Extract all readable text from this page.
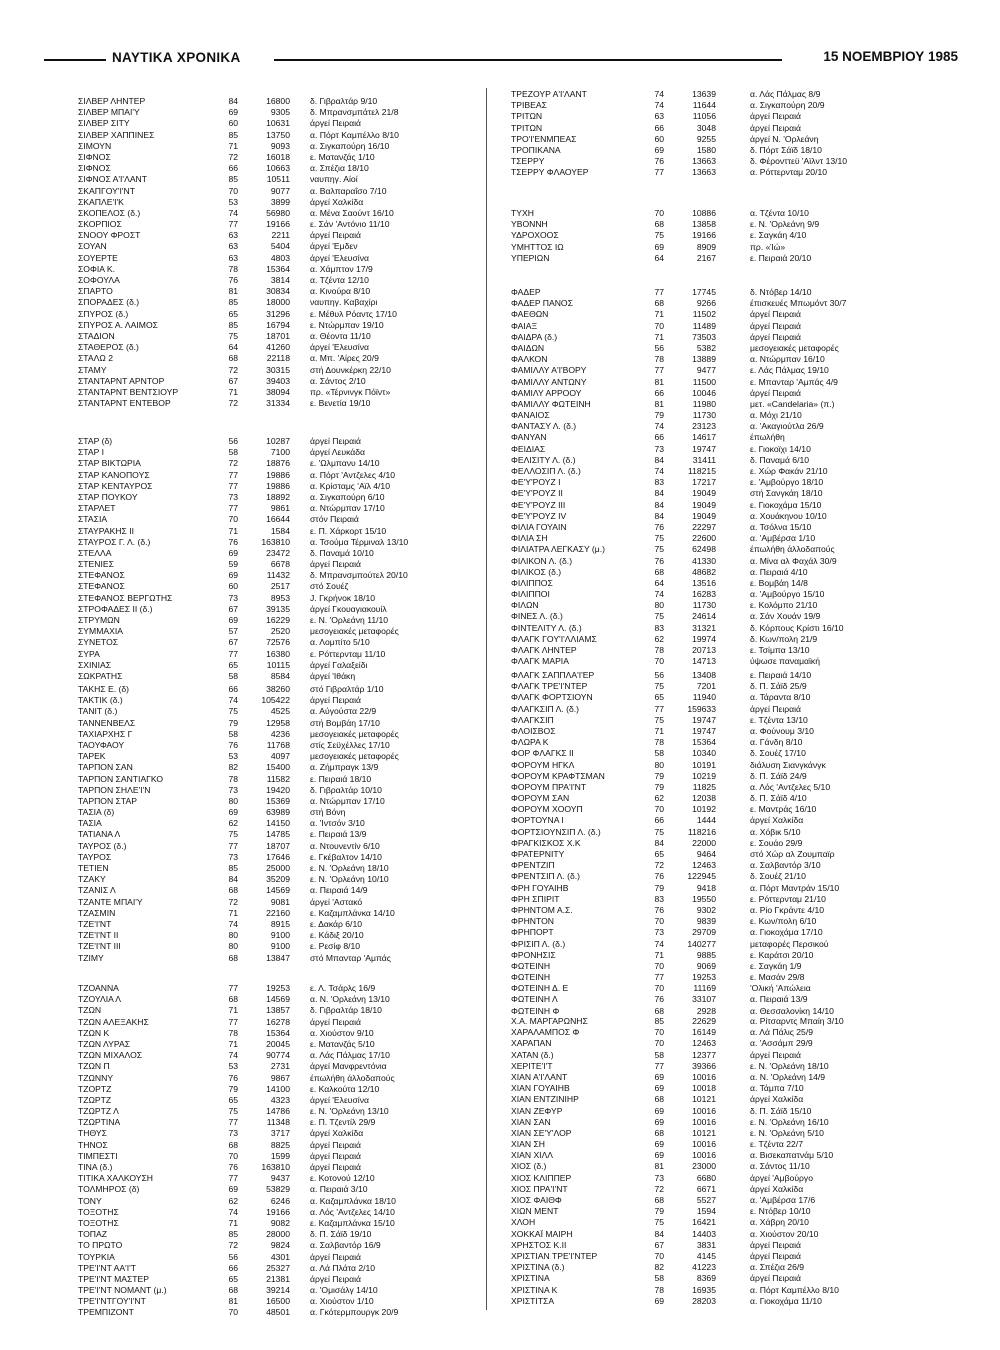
ΝΑΥΤΙΚΑ ΧΡΟΝΙΚΑ	15 ΝΟΕΜΒΡΙΟΥ 1985
ΣΙΛΒΕΡ ΛΗΝΤΕΡ	84	16800 δ. Γιβραλτάρ 9/10
ΣΙΛΒΕΡ ΜΠΑΙ'Υ	69	9305 δ. Μπρανσμπάτελ 21/8
ΣΙΛΒΕΡ ΣΙΤΥ	60	10631 άργεί Πειραιά
ΣΙΛΒΕΡ ΧΑΠΠΙΝΕΣ	85	13750 α. Πόρτ Καμπέλλο 8/10
ΣΙΜΟΥΝ	71	9093 α. Σιγκαπούρη 16/10
ΣΙΦΝΟΣ	72	16018 ε. Ματανζάς 1/10
ΣΙΦΝΟΣ	66	10663 α. Σπέζια 18/10
ΣΙΦΝΟΣ Α'Ι'ΛΑΝΤ	85	10511 ναυπηγ. Αίοί
ΣΚΑΠΓΟΥ'Ι'ΝΤ	70	9077 α. Βαλπαραΐσο 7/10
ΣΚΑΠΛΕ'Ι'Κ	53	3899 άργεί Χαλκίδα
ΣΚΟΠΕΛΟΣ (δ.)	74	56980 α. Μένα Σαούντ 16/10
ΣΚΟΡΠΙΟΣ	77	19166 ε. Σάν 'Αντόνιο 11/10
ΣΝΟΟΥ ΦΡΟΣΤ	63	2211 άργεί Πειραιά
ΣΟΥΑΝ	63	5404 άργεί 'Εμδεν
ΣΟΥΕΡΤΕ	63	4803 άργεί 'Ελευσίνα
ΣΟΦΙΑ Κ.	78	15364 α. Χάμπτον 17/9
ΣΟΦΟΥΛΑ	76	3814 α. Τζέντα 12/10
ΣΠΑΡΤΟ	81	30834 α. Κινούρα 8/10
ΣΠΟΡΑΔΕΣ (δ.)	85	18000 ναυπηγ. Καβαχίρι
ΣΠΥΡΟΣ (δ.)	65	31296 ε. Μέθυλ Ρόαντς 17/10
ΣΠΥΡΟΣ Α. ΛΑΙΜΟΣ	85	16794 ε. Ντώρμπαν 19/10
ΣΤΑΔΙΟΝ	75	18701 α. Θέοντα 11/10
ΣΤΑΘΕΡΟΣ (δ.)	64	41260 άργεί 'Ελευσίνα
ΣΤΑΛΩ 2	68	22118 α. Μπ. 'Αίρες 20/9
ΣΤΑΜΥ	72	30315 στή Δουνκέρκη 22/10
ΣΤΑΝΤΑΡΝΤ ΑΡΝΤΟΡ	67	39403 α. Σάντος 2/10
ΣΤΑΝΤΑΡΝΤ ΒΕΝΤΣΙΟΥΡ	71	38094 πρ. «Τέρνινγκ Πόϊντ»
ΣΤΑΝΤΑΡΝΤ ΕΝΤΕΒΟΡ	72	31334 ε. Βενετία 19/10
ΣΤΑΡ (δ)	56	10287 άργεί Πειραιά
ΣΤΑΡ Ι	58	7100 άργεί Λευκάδα
ΣΤΑΡ ΒΙΚΤΩΡΙΑ	72	18876 ε. 'Ωλμπανυ 14/10
ΣΤΑΡ ΚΑΝΟΠΟΥΣ	77	19886 α. Πόρτ 'Αντζελες 4/10
ΣΤΑΡ ΚΕΝΤΑΥΡΟΣ	77	19886 α. Κρίσταμς 'Αϊλ 4/10
ΣΤΑΡ ΠΟΥΚΟΥ	73	18892 α. Σιγκαπούρη 6/10
ΣΤΑΡΛΕΤ	77	9861 α. Ντώρμπαν 17/10
ΣΤΑΣΙΑ	70	16644 στόν Πειραιά
ΣΤΑΥΡΑΚΗΣ ΙΙ	71	1584 ε. Π. Χάρκορτ 15/10
ΣΤΑΥΡΟΣ Γ. Λ. (δ.)	76	163810 α. Τσούμα Τέρμιναλ 13/10
ΣΤΕΛΛΑ	69	23472 δ. Παναμά 10/10
ΣΤΕΝΙΕΣ	59	6678 άργεί Πειραιά
ΣΤΕΦΑΝΟΣ	69	11432 δ. Μπρανσμπούτελ 20/10
ΣΤΕΦΑΝΟΣ	60	2517 στό Σουέζ
ΣΤΕΦΑΝΟΣ ΒΕΡΓΩΤΗΣ	73	8953 J. Γκρήνοκ 18/10
ΣΤΡΟΦΑΔΕΣ ΙΙ (δ.)	67	39135 άργεί Γκουαγιακουίλ
ΣΤΡΥΜΩΝ	69	16229 ε. Ν. 'Ορλεάνη 11/10
ΣΥΜΜΑΧΙΑ	57	2520 μεσογειακές μεταφορές
ΣΥΝΕΤΟΣ	67	72576 α. Λομπίτο 5/10
ΣΥΡΑ	77	16380 ε. Ρόττερνταμ 11/10
ΣΧΙΝΙΑΣ	65	10115 άργεί Γαλαξείδι
ΣΩΚΡΑΤΗΣ	58	8584 άργεί 'Ιθάκη
ΤΑΚΗΣ Ε. (δ)	66	38260 στό Γιβραλτάρ 1/10
ΤΑΚΤΙΚ (δ.)	74	105422 άργεί Πειραιά
ΤΑΝΙΤ (δ.)	75	4525 α. Αύγούστα 22/9
ΤΑΝΝΕΝΒΕΛΣ	79	12958 στή Βομβάη 17/10
ΤΑΧΙΑΡΧΗΣ Γ	58	4236 μεσογειακές μεταφορές
ΤΑΟΥΦΑΟΥ	76	11768 στίς Σεϋχέλλες 17/10
ΤΑΡΕΚ	53	4097 μεσογειακές μεταφορές
ΤΑΡΠΟΝ ΣΑΝ	82	15400 α. Ζήμπραγκ 13/9
ΤΑΡΠΟΝ ΣΑΝΤΙΑΓΚΟ	78	11582 ε. Πειραιά 18/10
ΤΑΡΠΟΝ ΣΗΛΕ'Ι'Ν	73	19420 δ. Γιβραλτάρ 10/10
ΤΑΡΠΟΝ ΣΤΑΡ	80	15369 α. Ντώρμπαν 17/10
ΤΑΣΙΑ (δ)	69	63989 στή Βόνη
ΤΑΣΙΑ	62	14150 α. 'Ιντσόν 3/10
ΤΑΤΙΑΝΑ Λ	75	14785 ε. Πειραιά 13/9
ΤΑΥΡΟΣ (δ.)	77	18707 α. Ντουνεντίν 6/10
ΤΑΥΡΟΣ	73	17646 ε. Γκέβαλτον 14/10
ΤΕΤΙΕΝ	85	25000 ε. Ν. 'Ορλεάνη 18/10
ΤΖΑΚΥ	84	35209 ε. Ν. 'Ορλεάνη 10/10
ΤΖΑΝΙΣ Λ	68	14569 α. Πειραιά 14/9
ΤΖΑΝΤΕ ΜΠΑΙ'Υ	72	9081 άργεί 'Αστακό
ΤΖΑΣΜΙΝ	71	22160 ε. Καζαμπλάνκα 14/10
ΤΖΕ'Ι'ΝΤ	74	8915 ε. Δακάρ 6/10
ΤΖΕ'Ι'ΝΤ ΙΙ	80	9100 ε. Κάδιξ 20/10
ΤΖΕ'Ι'ΝΤ ΙΙΙ	80	9100 ε. Ρεσίφ 8/10
ΤΖΙΜΥ	68	13847 στό Μπανταρ 'Αμπάς
ΤΖΟΑΝΝΑ	77	19253 ε. Λ. Τσάρλς 16/9
ΤΖΟΥΛΙΑ Λ	68	14569 α. Ν. 'Ορλεάνη 13/10
ΤΖΩΝ	71	13857 δ. Γιβραλτάρ 18/10
ΤΖΩΝ ΑΛΕΞΑΚΗΣ	77	16278 άργεί Πειραιά
ΤΖΩΝ Κ	78	15364 α. Χιούστον 9/10
ΤΖΩΝ ΛΥΡΑΣ	71	20045 ε. Ματανζάς 5/10
ΤΖΩΝ ΜΙΧΑΛΟΣ	74	90774 α. Λάς Πάλμας 17/10
ΤΖΩΝ Π	53	2731 άργεί Μανφρεντόνια
ΤΖΩΝΝΥ	76	9867 έπωλήθη άλλοδαπούς
ΤΖΟΡΤΖ	79	14100 ε. Καλκούτα 12/10
ΤΖΩΡΤΖ	65	4323 άργεί 'Ελευσίνα
ΤΖΩΡΤΖ Λ	75	14786 ε. Ν. 'Ορλεάνη 13/10
ΤΖΩΡΤΙΝΑ	77	11348 ε. Π. Τζεντίλ 29/9
ΤΗΘΥΣ	73	3717 άργεί Χαλκίδα
ΤΗΝΟΣ	68	8825 άργεί Πειραιά
ΤΙΜΠΕΣΤΙ	70	1599 άργεί Πειραιά
ΤΙΝΑ (δ.)	76	163810 άργεί Πειραιά
ΤΙΤΙΚΑ ΧΑΛΚΟΥΣΗ	77	9437 ε. Κοτονού 12/10
ΤΟΛΜΗΡΟΣ (δ)	69	53829 α. Πειραιά 3/10
ΤΟΝΥ	62	6246 α. Καζαμπλάνκα 18/10
ΤΟΞΟΤΗΣ	74	19166 α. Λός 'Αντζελες 14/10
ΤΟΞΟΤΗΣ	71	9082 ε. Καζαμπλάνκα 15/10
ΤΟΠΑΖ	85	28000 δ. Π. Σάϊδ 19/10
ΤΟ ΠΡΩΤΟ	72	9824 α. Σαλβαντόρ 16/9
ΤΟΥΡΚΙΑ	56	4301 άργεί Πειραιά
ΤΡΕ'Ι'ΝΤ ΑΑ'Ι'Τ	66	25327 α. Λά Πλάτα 2/10
ΤΡΕ'Ι'ΝΤ ΜΑΣΤΕΡ	65	21381 άργεί Πειραιά
ΤΡΕ'Ι'ΝΤ ΝΟΜΑΝΤ (μ.)	68	39214 α. 'Ομισάλγ 14/10
ΤΡΕ'Ι'ΝΤΓΟΥ'Ι'ΝΤ	81	16500 α. Χιούστον 1/10
ΤΡΕΜΠΙΖΟΝΤ	70	48501 α. Γκότερμπουργκ 20/9
ΤΡΕΖΟΥΡ Α'Ι'ΛΑΝΤ	74	13639	α. Λάς Πάλμας 8/9
ΤΡΙΒΕΑΣ	74	11644	α. Σιγκαπούρη 20/9
ΤΡΙΤΩΝ	63	11056	άργεί Πειραιά
ΤΡΙΤΩΝ	66	3048	άργεί Πειραιά
ΤΡΟ'Ι'ΕΝΜΠΕΑΣ	60	9255	άργεί Ν. 'Ορλεάνη
ΤΡΟΠΙΚΑΝΑ	69	1580	δ. Πόρτ Σάϊδ 18/10
ΤΣΕΡΡΥ	76	13663	δ. Φέρονττεϋ 'Αϊλντ 13/10
ΤΣΕΡΡΥ ΦΛΑΟΥΕΡ	77	13663	α. Ρόττερνταμ 20/10
ΤΥΧΗ	70	10886	α. Τζέντα 10/10
ΥΒΟΝΝΗ	68	13858	ε. Ν. 'Ορλεάνη 9/9
ΥΔΡΟΧΟΟΣ	75	19166	ε. Σαγκάη 4/10
ΥΜΗΤΤΟΣ ΙΩ	69	8909	πρ. «Ίώ»
ΥΠΕΡΙΩΝ	64	2167	ε. Πειραιά 20/10
ΦΑΔΕΡ	77	17745	δ. Ντόβερ 14/10
ΦΑΔΕΡ ΠΑΝΟΣ	68	9266	έπισκευές Μπωμόντ 30/7
ΦΑΕΘΩΝ	71	11502	άργεί Πειραιά
ΦΑΙΑΞ	70	11489	άργεί Πειραιά
ΦΑΙΔΡΑ (δ.)	71	73503	άργεί Πειραιά
ΦΑΙΔΩΝ	56	5382	μεσογειακές μεταφορές
ΦΑΛΚΟΝ	78	13889	α. Ντώρμπαν 16/10
ΦΑΜΙΛΛΥ Α'Ι'ΒΟΡΥ	77	9477	ε. Λάς Πάλμας 19/10
ΦΑΜΙΛΛΥ ΑΝΤΩΝΥ	81	11500	ε. Μπανταρ 'Αμπάς 4/9
ΦΑΜΙΛΥ ΑΡΡΟΟΥ	66	10046	άργεί Πειραιά
ΦΑΜΙΛΛΥ ΦΩΤΕΙΝΗ	81	11980	μετ. «Candelaria» (π.)
ΦΑΝΑΙΟΣ	79	11730	α. Μόχι 21/10
ΦΑΝΤΑΣΥ Λ. (δ.)	74	23123	α. 'Ακαγιούτλα 26/9
ΦΑΝΥΑΝ	66	14617	έπωλήθη
ΦΕΙΔΙΑΣ	73	19747	ε. Γιοκοϊχι 14/10
ΦΕΛΙΣΙΤΥ Λ. (δ.)	84	31411	δ. Παναμά 6/10
ΦΕΛΛΟΣΙΠ Λ. (δ.)	74	118215	ε. Χώρ Φακάν 21/10
ΦΕ'Υ'ΡΟΥΖ Ι	83	17217	ε. 'Αμβούργο 18/10
ΦΕ'Υ'ΡΟΥΖ ΙΙ	84	19049	στή Σανγκάη 18/10
ΦΕ'Υ'ΡΟΥΖ ΙΙΙ	84	19049	ε. Γιοκοχάμα 15/10
ΦΕ'Υ'ΡΟΥΖ ΙV	84	19049	α. Χουάκηνου 10/10
ΦΙΛΙΑ ΓΟΥΑΙΝ	76	22297	α. Τσόλνα 15/10
ΦΙΛΙΑ ΣΗ	75	22600	α. 'Αμβέρσα 1/10
ΦΙΛΙΑΤΡΑ ΛΕΓΚΑΣΥ (μ.)	75	62498	έπωλήθη άλλοδαπούς
ΦΙΛΙΚΟΝ Λ. (δ.)	76	41330	α. Μίνα αλ Φαχάλ 30/9
ΦΙΛΙΚΟΣ (δ.)	68	48682	α. Πειραιά 4/10
ΦΙΛΙΠΠΟΣ	64	13516	ε. Βομβάη 14/8
ΦΙΛΙΠΠΟΙ	74	16283	α. 'Αμβούργο 15/10
ΦΙΛΩΝ	80	11730	ε. Κολόμπο 21/10
ΦΙΝΕΣ Λ. (δ.)	75	24614	α. Σάν Χουάν 19/9
ΦΙΝΤΕΛΙΤΥ Λ. (δ.)	83	31321	δ. Κόρπους Κρίστι 16/10
ΦΛΑΓΚ ΓΟΥ'Ι'ΛΛΙΑΜΣ	62	19974	δ. Κων/πολη 21/9
ΦΛΑΓΚ ΛΗΝΤΕΡ	78	20713	ε. Τσίμπα 13/10
ΦΛΑΓΚ ΜΑΡΙΑ	70	14713	ύψωσε παναμαϊκή
ΦΛΑΓΚ ΣΑΠΠΛΑ'Ι'ΕΡ	56	13408	ε. Πειραιά 14/10
ΦΛΑΓΚ ΤΡΕ'Ι'ΝΤΕΡ	75	7201	δ. Π. Σάϊδ 25/9
ΦΛΑΓΚ ΦΟΡΤΣΙΟΥΝ	65	11940	α. Τάραντα 8/10
ΦΛΑΓΚΣΙΠ Λ. (δ.)	77	159633	άργεί Πειραιά
ΦΛΑΓΚΣΙΠ	75	19747	ε. Τζέντα 13/10
ΦΛΟΙΣΒΟΣ	71	19747	α. Φούνουμ 3/10
ΦΛΩΡΑ Κ	78	15364	α. Γάνδη 8/10
ΦΟΡ ΦΛΑΓΚΣ ΙΙ	58	10340	δ. Σουέζ 17/10
ΦΟΡΟΥΜ ΗΓΚΛ	80	10191	διάλυση Σιανγκάνγκ
ΦΟΡΟΥΜ ΚΡΑΦΤΣΜΑΝ	79	10219	δ. Π. Σάϊδ 24/9
ΦΟΡΟΥΜ ΠΡΑ'Ι'ΝΤ	79	11825	α. Λός 'Αντζελες 5/10
ΦΟΡΟΥΜ ΣΑΝ	62	12038	δ. Π. Σάϊδ 4/10
ΦΟΡΟΥΜ ΧΟΟΥΠ	70	10192	ε. Μαντράς 16/10
ΦΟΡΤΟΥΝΑ Ι	66	1444	άργεί Χαλκίδα
ΦΟΡΤΣΙΟΥΝΣΙΠ Λ. (δ.)	75	118216	α. Χόβικ 5/10
ΦΡΑΓΚΙΣΚΟΣ Χ.Κ	84	22000	ε. Σουάο 29/9
ΦΡΑΤΕΡΝΙΤΥ	65	9464	στό Χώρ αλ Ζουμπαϊρ
ΦΡΕΝΤΖΙΠ	72	12463	α. Σαλβαντόρ 3/10
ΦΡΕΝΤΣΙΠ Λ. (δ.)	76	122945	δ. Σουέζ 21/10
ΦΡΗ ΓΟΥΑΙΗΒ	79	9418	α. Πόρτ Μαντράν 15/10
ΦΡΗ ΣΠΙΡΙΤ	83	19550	ε. Ρόττερνταμ 21/10
ΦΡΗΝΤΟΜ Α.Σ.	76	9302	α. Ρίο Γκράντε 4/10
ΦΡΗΝΤΟΝ	70	9839	ε. Κων/πολη 6/10
ΦΡΗΠΟΡΤ	73	29709	α. Γιοκοχάμα 17/10
ΦΡΙΣΙΠ Λ. (δ.)	74	140277	μεταφορές Περσικού
ΦΡΟΝΗΣΙΣ	71	9885	ε. Καράτσι 20/10
ΦΩΤΕΙΝΗ	70	9069	ε. Σαγκάη 1/9
ΦΩΤΕΙΝΗ	77	19253	ε. Μασάν 29/8
ΦΩΤΕΙΝΗ Δ. Ε	70	11169	'Ολική 'Απώλεια
ΦΩΤΕΙΝΗ Λ	76	33107	α. Πειραιά 13/9
ΦΩΤΕΙΝΗ Φ	68	2928	α. Θεσσαλονίκη 14/10
Χ.Α. ΜΑΡΓΑΡΩΝΗΣ	85	22629	α. Ρίτσαρντς Μπαίη 3/10
ΧΑΡΑΛΑΜΠΟΣ Φ	70	16149	α. Λά Πάλις 25/9
ΧΑΡΑΠΑΝ	70	12463	α. 'Ασσάμπ 29/9
ΧΑΤΑΝ (δ.)	58	12377	άργεί Πειραιά
ΧΕΡΙΤΕ'Ι'Τ	77	39366	ε. Ν. 'Ορλεάνη 18/10
ΧΙΑΝ Α'Ι'ΛΑΝΤ	69	10016	α. Ν. 'Ορλεάνη 14/9
ΧΙΑΝ ΓΟΥΑΙΗΒ	69	10018	α. Τάμπα 7/10
ΧΙΑΝ ΕΝΤΖΙΝΙΗΡ	68	10121	άργεί Χαλκίδα
ΧΙΑΝ ΖΕΦΥΡ	69	10016	δ. Π. Σάϊδ 15/10
ΧΙΑΝ ΣΑΝ	69	10016	ε. Ν. 'Ορλεάνη 16/10
ΧΙΑΝ ΣΕ'Υ'ΛΟΡ	68	10121	ε. Ν. 'Ορλεάνη 5/10
ΧΙΑΝ ΣΗ	69	10016	ε. Τζέντα 22/7
ΧΙΑΝ ΧΙΛΛ	69	10016	α. Βισεκαπατνάμ 5/10
ΧΙΟΣ (δ.)	81	23000	α. Σάντος 11/10
ΧΙΟΣ ΚΛΙΠΠΕΡ	73	6680	άργεί 'Αμβούργο
ΧΙΟΣ ΠΡΑ'Ι'ΝΤ	72	6671	άργεί Χαλκίδα
ΧΙΟΣ ΦΑΙΘΦ	68	5527	α. 'Αμβέρσα 17/6
ΧΙΩΝ ΜΕΝΤ	79	1594	ε. Ντόβερ 10/10
ΧΛΟΗ	75	16421	α. Χάβρη 20/10
ΧΟΚΚΑΪ ΜΑΙΡΗ	84	14403	α. Χιούστον 20/10
ΧΡΗΣΤΟΣ Κ.ΙΙ	67	3831	άργεί Πειραιά
ΧΡΙΣΤΙΑΝ ΤΡΕ'Ι'ΝΤΕΡ	70	4145	άργεί Πειραιά
ΧΡΙΣΤΙΝΑ (δ.)	82	41223	α. Σπέζια 26/9
ΧΡΙΣΤΙΝΑ	58	8369	άργεί Πειραιά
ΧΡΙΣΤΙΝΑ Κ	78	16935	α. Πόρτ Καμπέλλο 8/10
ΧΡΙΣΤΙΤΣΑ	69	28203	α. Γιοκοχάμα 11/10
